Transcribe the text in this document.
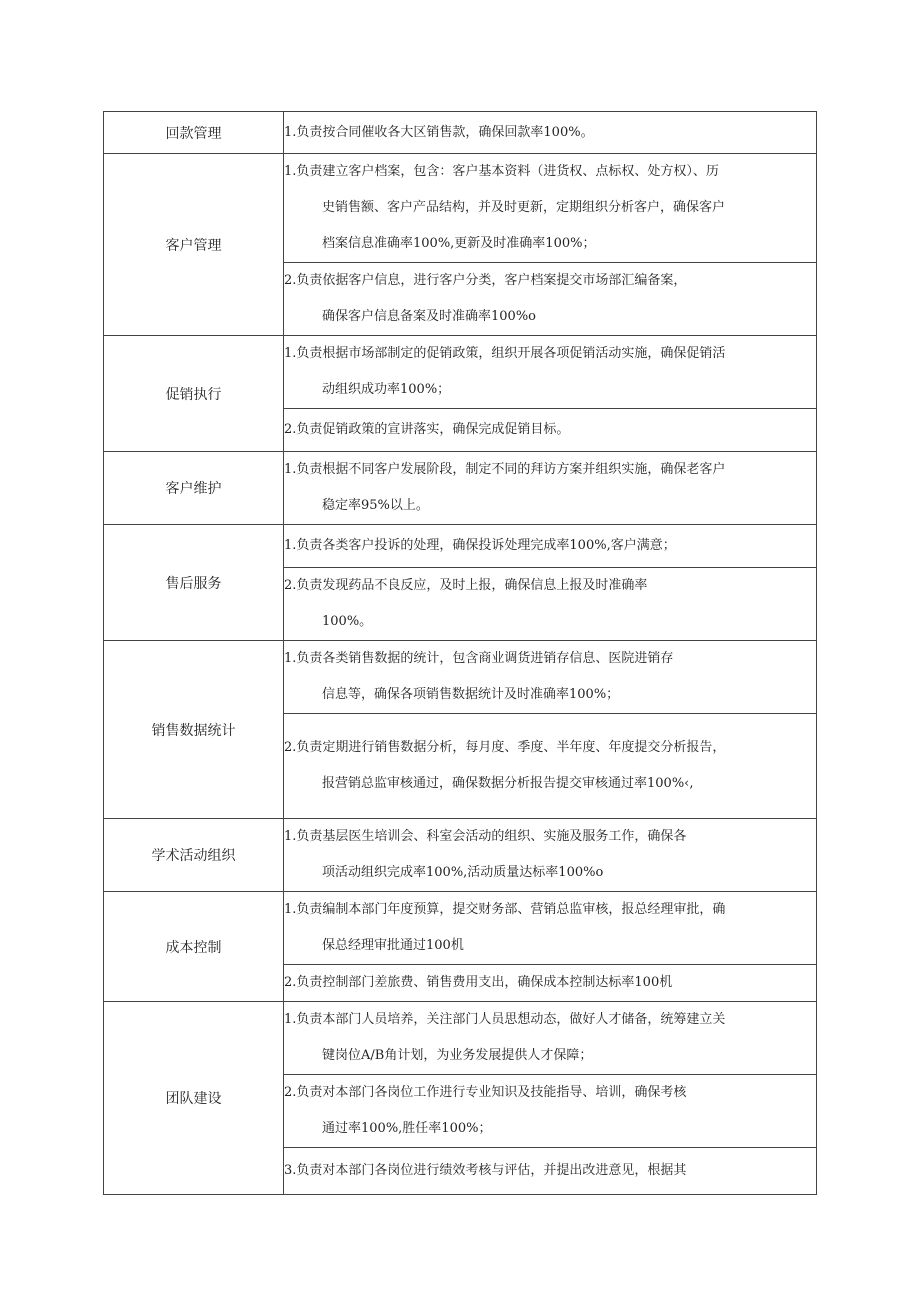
回款管理	1.负责按合同催收各大区销售款，确保回款率100%。

客户管理	1.负责建立客户档案，包含：客户基本资料（进货权、点标权、处方权）、历
史销售额、客户产品结构，并及时更新，定期组织分析客户，确保客户
档案信息准确率100%,更新及时准确率100%；

	2.负责依据客户信息，进行客户分类，客户档案提交市场部汇编备案，
确保客户信息备案及时准确率100%o

促销执行	1.负责根据市场部制定的促销政策，组织开展各项促销活动实施，确保促销活
动组织成功率100%；

	2.负责促销政策的宣讲落实，确保完成促销目标。

客户维护	1.负责根据不同客户发展阶段，制定不同的拜访方案并组织实施，确保老客户
稳定率95%以上。

售后服务	1.负责各类客户投诉的处理，确保投诉处理完成率100%,客户满意；

	2.负责发现药品不良反应，及时上报，确保信息上报及时准确率
100%。

销售数据统计	1.负责各类销售数据的统计，包含商业调货进销存信息、医院进销存
信息等，确保各项销售数据统计及时准确率100%；

	2.负责定期进行销售数据分析，每月度、季度、半年度、年度提交分析报告，
报营销总监审核通过，确保数据分析报告提交审核通过率100%‹,

学术活动组织	1.负责基层医生培训会、科室会活动的组织、实施及服务工作，确保各
项活动组织完成率100%,活动质量达标率100%o

成本控制	1.负责编制本部门年度预算，提交财务部、营销总监审核，报总经理审批，确
保总经理审批通过100机

	2.负责控制部门差旅费、销售费用支出，确保成本控制达标率100机

团队建设	1.负责本部门人员培养，关注部门人员思想动态，做好人才储备，统筹建立关
键岗位A/B角计划，为业务发展提供人才保障；

	2.负责对本部门各岗位工作进行专业知识及技能指导、培训，确保考核
通过率100%,胜任率100%；

	3.负责对本部门各岗位进行绩效考核与评估，并提出改进意见，根据其
